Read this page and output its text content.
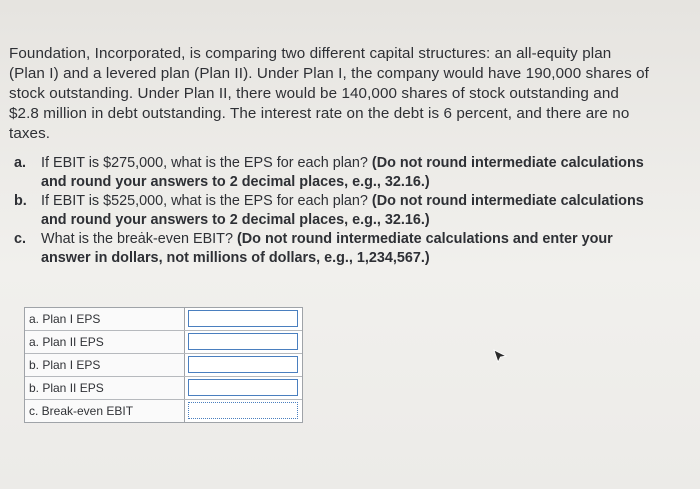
Foundation, Incorporated, is comparing two different capital structures: an all-equity plan (Plan I) and a levered plan (Plan II). Under Plan I, the company would have 190,000 shares of stock outstanding. Under Plan II, there would be 140,000 shares of stock outstanding and $2.8 million in debt outstanding. The interest rate on the debt is 6 percent, and there are no taxes.
a. If EBIT is $275,000, what is the EPS for each plan? (Do not round intermediate calculations and round your answers to 2 decimal places, e.g., 32.16.)
b. If EBIT is $525,000, what is the EPS for each plan? (Do not round intermediate calculations and round your answers to 2 decimal places, e.g., 32.16.)
c. What is the breȧk-even EBIT? (Do not round intermediate calculations and enter your answer in dollars, not millions of dollars, e.g., 1,234,567.)
a. Plan I EPS
a. Plan II EPS
b. Plan I EPS
b. Plan II EPS
c. Break-even EBIT
